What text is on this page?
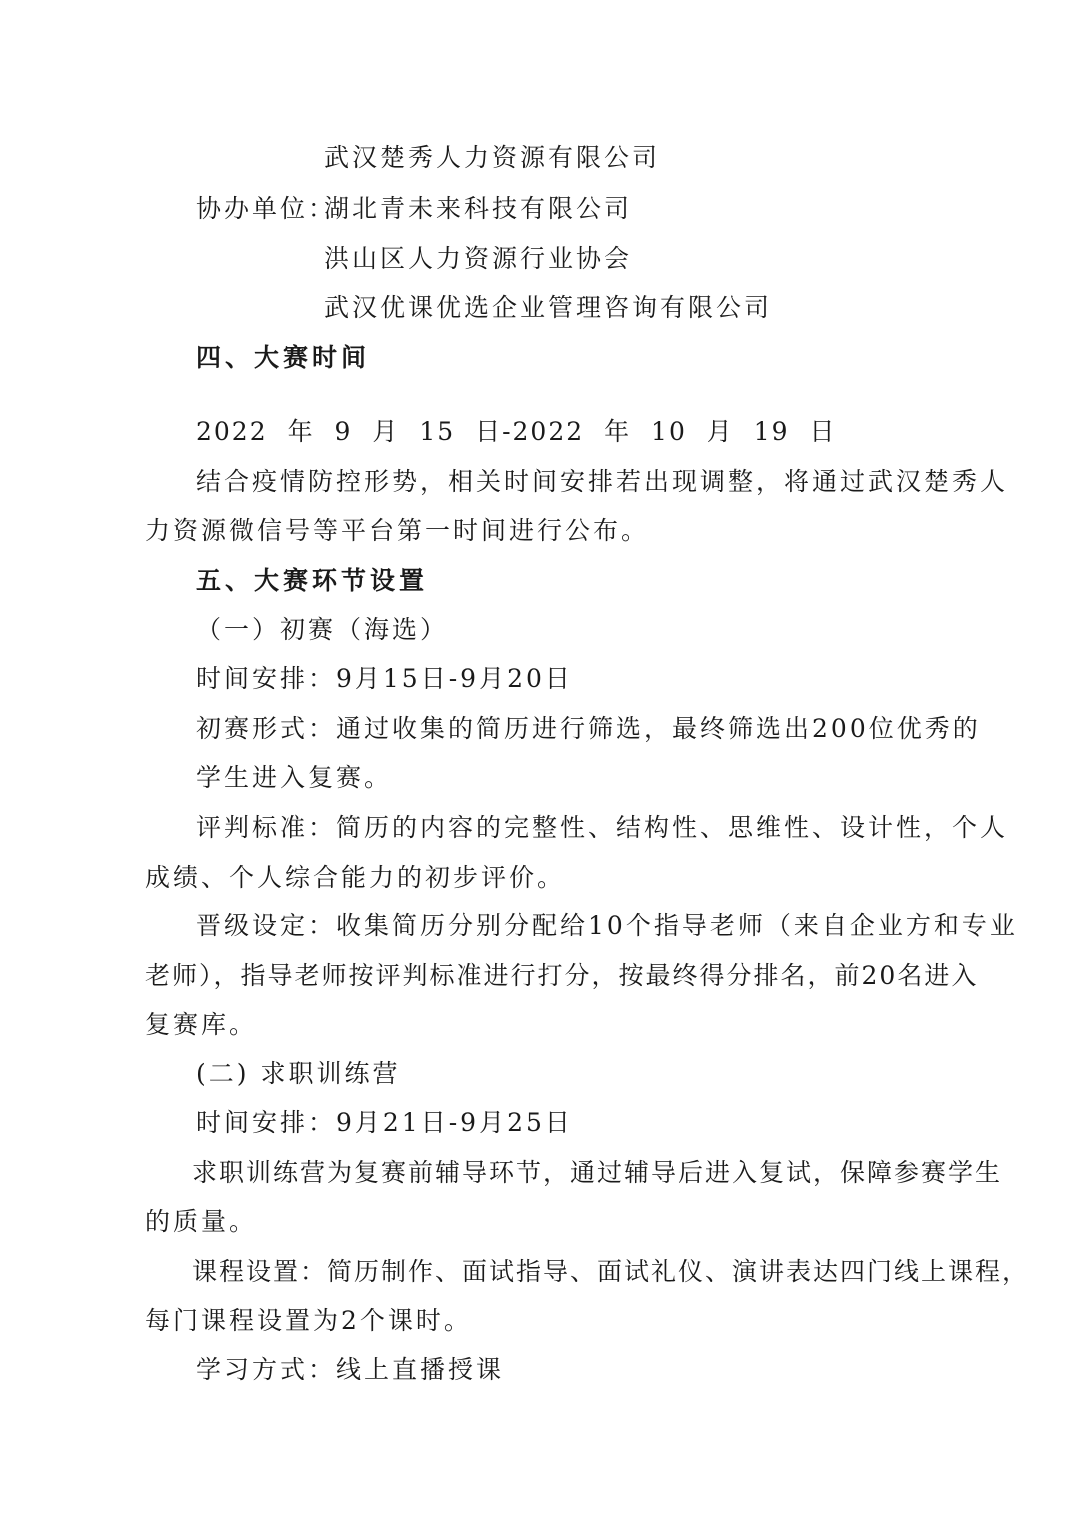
武汉楚秀人力资源有限公司
协办单位：
湖北青未来科技有限公司
洪山区人力资源行业协会
武汉优课优选企业管理咨询有限公司
四、大赛时间
2022 年 9 月 15 日-2022 年 10 月 19 日
结合疫情防控形势，相关时间安排若出现调整，将通过武汉楚秀人
力资源微信号等平台第一时间进行公布。
五、大赛环节设置
（一）初赛（海选）
时间安排：9月15日-9月20日
初赛形式：通过收集的简历进行筛选，最终筛选出200位优秀的
学生进入复赛。
评判标准：简历的内容的完整性、结构性、思维性、设计性，个人
成绩、个人综合能力的初步评价。
晋级设定：收集简历分别分配给10个指导老师（来自企业方和专业
老师），指导老师按评判标准进行打分，按最终得分排名，前20名进入
复赛库。
(二) 求职训练营
时间安排：9月21日-9月25日
求职训练营为复赛前辅导环节，通过辅导后进入复试，保障参赛学生
的质量。
课程设置：简历制作、面试指导、面试礼仪、演讲表达四门线上课程，
每门课程设置为2个课时。
学习方式：线上直播授课
